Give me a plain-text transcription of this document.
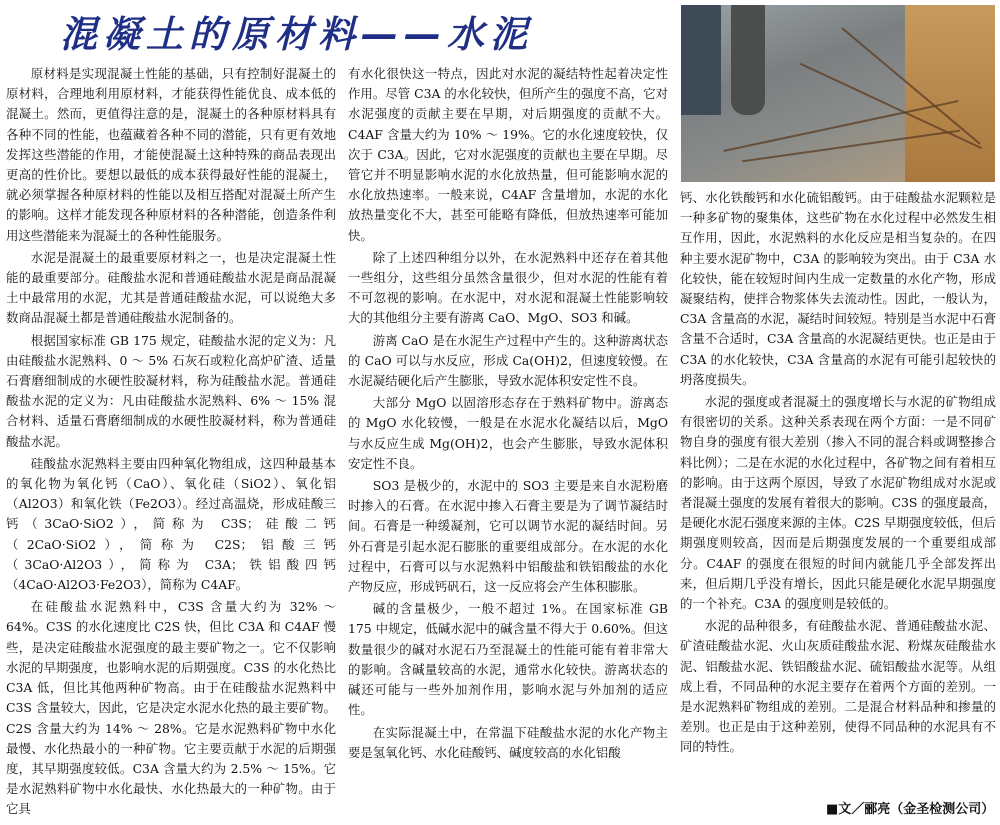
混凝土的原材料——水泥

原材料是实现混凝土性能的基础，只有控制好混凝土的原材料，合理地利用原材料，才能获得性能优良、成本低的混凝土。然而，更值得注意的是，混凝土的各种原材料具有各种不同的性能，也蕴藏着各种不同的潜能，只有更有效地发挥这些潜能的作用，才能使混凝土这种特殊的商品表现出更高的性价比。要想以最低的成本获得最好性能的混凝土，就必须掌握各种原材料的性能以及相互搭配对混凝土所产生的影响。这样才能发现各种原材料的各种潜能，创造条件利用这些潜能来为混凝土的各种性能服务。

水泥是混凝土的最重要原材料之一，也是决定混凝土性能的最重要部分。硅酸盐水泥和普通硅酸盐水泥是商品混凝土中最常用的水泥，尤其是普通硅酸盐水泥，可以说绝大多数商品混凝土都是普通硅酸盐水泥制备的。

根据国家标准 GB 175 规定，硅酸盐水泥的定义为：凡由硅酸盐水泥熟料、0 ～ 5% 石灰石或粒化高炉矿渣、适量石膏磨细制成的水硬性胶凝材料，称为硅酸盐水泥。普通硅酸盐水泥的定义为：凡由硅酸盐水泥熟料、6% ～ 15% 混合材料、适量石膏磨细制成的水硬性胶凝材料，称为普通硅酸盐水泥。

硅酸盐水泥熟料主要由四种氧化物组成，这四种最基本的氧化物为氧化钙（CaO）、氧化硅（SiO2）、氧化铝（Al2O3）和氧化铁（Fe2O3）。经过高温烧，形成硅酸三钙（3CaO·SiO2），简称为 C3S；硅酸二钙（2CaO·SiO2），简称为 C2S；铝酸三钙（3CaO·Al2O3），简称为 C3A；铁铝酸四钙（4CaO·Al2O3·Fe2O3），简称为 C4AF。

在硅酸盐水泥熟料中，C3S 含量大约为 32% ～ 64%。C3S 的水化速度比 C2S 快，但比 C3A 和 C4AF 慢些，是决定硅酸盐水泥强度的最主要矿物之一。它不仅影响水泥的早期强度，也影响水泥的后期强度。C3S 的水化热比 C3A 低，但比其他两种矿物高。由于在硅酸盐水泥熟料中 C3S 含量较大，因此，它是决定水泥水化热的最主要矿物。C2S 含量大约为 14% ～ 28%。它是水泥熟料矿物中水化最慢、水化热最小的一种矿物。它主要贡献于水泥的后期强度，其早期强度较低。C3A 含量大约为 2.5% ～ 15%。它是水泥熟料矿物中水化最快、水化热最大的一种矿物。由于它具

有水化很快这一特点，因此对水泥的凝结特性起着决定性作用。尽管 C3A 的水化较快，但所产生的强度不高，它对水泥强度的贡献主要在早期，对后期强度的贡献不大。C4AF 含量大约为 10% ～ 19%。它的水化速度较快，仅次于 C3A。因此，它对水泥强度的贡献也主要在早期。尽管它并不明显影响水泥的水化放热量，但可能影响水泥的水化放热速率。一般来说，C4AF 含量增加，水泥的水化放热量变化不大，甚至可能略有降低，但放热速率可能加快。

除了上述四种组分以外，在水泥熟料中还存在着其他一些组分，这些组分虽然含量很少，但对水泥的性能有着不可忽视的影响。在水泥中，对水泥和混凝土性能影响较大的其他组分主要有游离 CaO、MgO、SO3 和碱。

游离 CaO 是在水泥生产过程中产生的。这种游离状态的 CaO 可以与水反应，形成 Ca(OH)2，但速度较慢。在水泥凝结硬化后产生膨胀，导致水泥体积安定性不良。

大部分 MgO 以固溶形态存在于熟料矿物中。游离态的 MgO 水化较慢，一般是在水泥水化凝结以后，MgO 与水反应生成 Mg(OH)2，也会产生膨胀，导致水泥体积安定性不良。

SO3 是极少的，水泥中的 SO3 主要是来自水泥粉磨时掺入的石膏。在水泥中掺入石膏主要是为了调节凝结时间。石膏是一种缓凝剂，它可以调节水泥的凝结时间。另外石膏是引起水泥石膨胀的重要组成部分。在水泥的水化过程中，石膏可以与水泥熟料中铝酸盐和铁铝酸盐的水化产物反应，形成钙矾石，这一反应将会产生体积膨胀。

碱的含量极少，一般不超过 1%。在国家标准 GB 175 中规定，低碱水泥中的碱含量不得大于 0.60%。但这数量很少的碱对水泥石乃至混凝土的性能可能有着非常大的影响。含碱量较高的水泥，通常水化较快。游离状态的碱还可能与一些外加剂作用，影响水泥与外加剂的适应性。

在实际混凝土中，在常温下硅酸盐水泥的水化产物主要是氢氧化钙、水化硅酸钙、碱度较高的水化铝酸

钙、水化铁酸钙和水化硫铝酸钙。由于硅酸盐水泥颗粒是一种多矿物的聚集体，这些矿物在水化过程中必然发生相互作用，因此，水泥熟料的水化反应是相当复杂的。在四种主要水泥矿物中，C3A 的影响较为突出。由于 C3A 水化较快，能在较短时间内生成一定数量的水化产物，形成凝聚结构，使拌合物浆体失去流动性。因此，一般认为，C3A 含量高的水泥，凝结时间较短。特别是当水泥中石膏含量不合适时，C3A 含量高的水泥凝结更快。也正是由于 C3A 的水化较快，C3A 含量高的水泥有可能引起较快的坍落度损失。

水泥的强度或者混凝土的强度增长与水泥的矿物组成有很密切的关系。这种关系表现在两个方面：一是不同矿物自身的强度有很大差别（掺入不同的混合料或调整掺合料比例）；二是在水泥的水化过程中，各矿物之间有着相互的影响。由于这两个原因，导致了水泥矿物组成对水泥或者混凝土强度的发展有着很大的影响。C3S 的强度最高，是硬化水泥石强度来源的主体。C2S 早期强度较低，但后期强度则较高，因而是后期强度发展的一个重要组成部分。C4AF 的强度在很短的时间内就能几乎全部发挥出来，但后期几乎没有增长，因此只能是硬化水泥早期强度的一个补充。C3A 的强度则是较低的。

水泥的品种很多，有硅酸盐水泥、普通硅酸盐水泥、矿渣硅酸盐水泥、火山灰质硅酸盐水泥、粉煤灰硅酸盐水泥、铝酸盐水泥、铁铝酸盐水泥、硫铝酸盐水泥等。从组成上看，不同品种的水泥主要存在着两个方面的差别。一是水泥熟料矿物组成的差别。二是混合材料品种和掺量的差别。也正是由于这种差别，使得不同品种的水泥具有不同的特性。

■文／郦亮（金圣检测公司）
